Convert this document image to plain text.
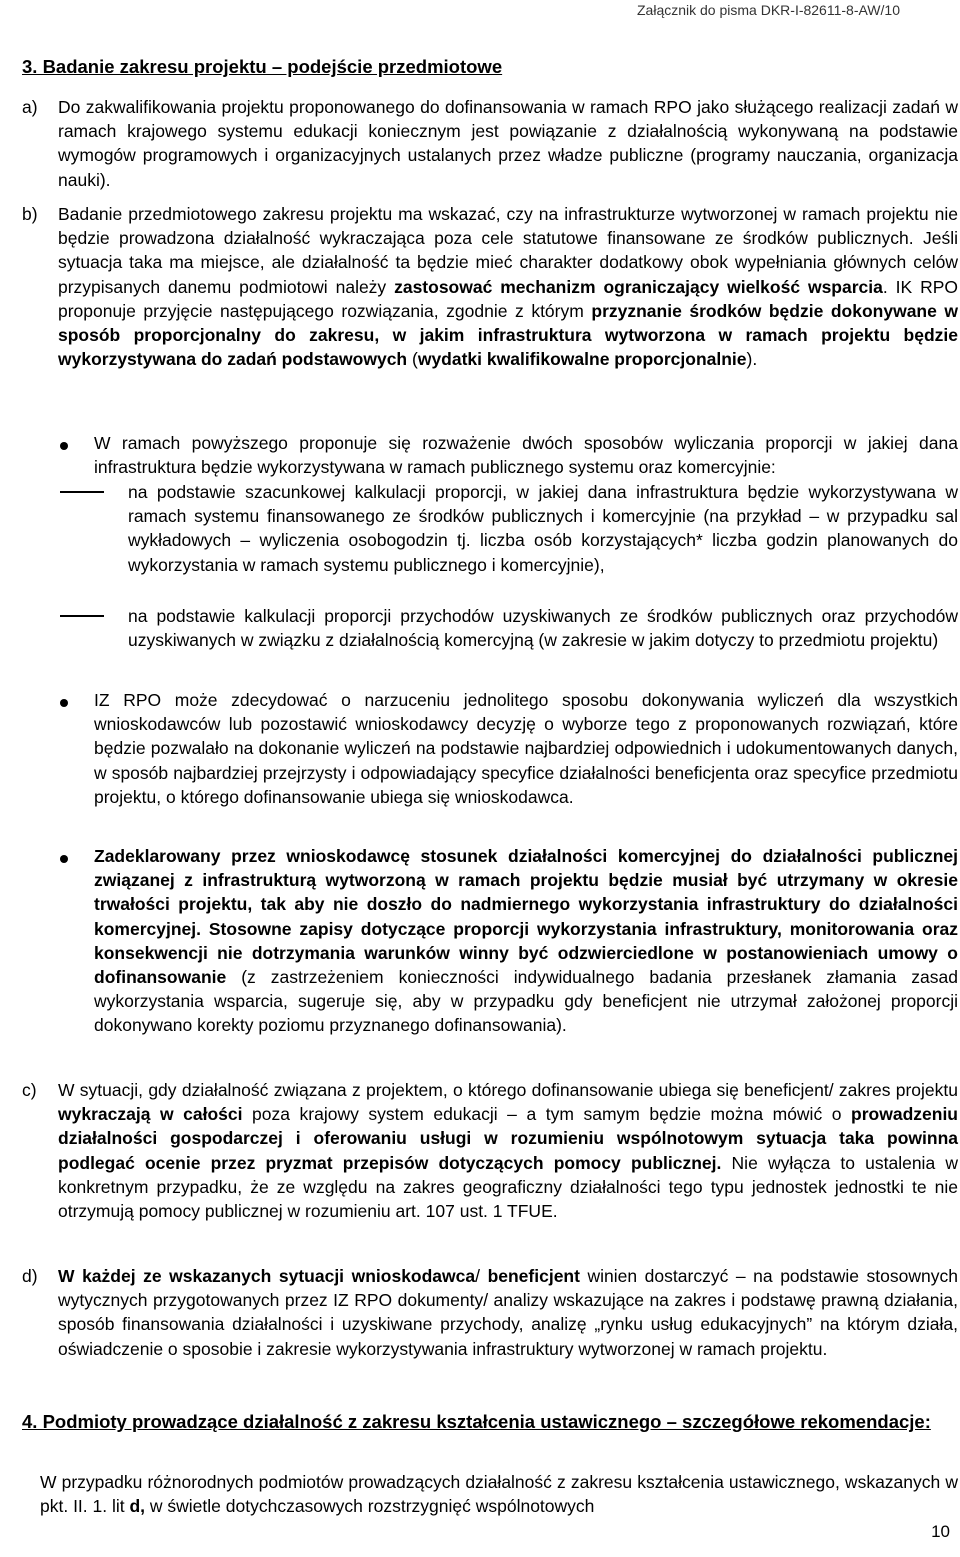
Załącznik do pisma DKR-I-82611-8-AW/10
3. Badanie zakresu projektu – podejście przedmiotowe
a) Do zakwalifikowania projektu proponowanego do dofinansowania w ramach RPO jako służącego realizacji zadań w ramach krajowego systemu edukacji koniecznym jest powiązanie z działalnością wykonywaną na podstawie wymogów programowych i organizacyjnych ustalanych przez władze publiczne (programy nauczania, organizacja nauki).
b) Badanie przedmiotowego zakresu projektu ma wskazać, czy na infrastrukturze wytworzonej w ramach projektu nie będzie prowadzona działalność wykraczająca poza cele statutowe finansowane ze środków publicznych. Jeśli sytuacja taka ma miejsce, ale działalność ta będzie mieć charakter dodatkowy obok wypełniania głównych celów przypisanych danemu podmiotowi należy zastosować mechanizm ograniczający wielkość wsparcia. IK RPO proponuje przyjęcie następującego rozwiązania, zgodnie z którym przyznanie środków będzie dokonywane w sposób proporcjonalny do zakresu, w jakim infrastruktura wytworzona w ramach projektu będzie wykorzystywana do zadań podstawowych (wydatki kwalifikowalne proporcjonalnie).
W ramach powyższego proponuje się rozważenie dwóch sposobów wyliczania proporcji w jakiej dana infrastruktura będzie wykorzystywana w ramach publicznego systemu oraz komercyjnie:
na podstawie szacunkowej kalkulacji proporcji, w jakiej dana infrastruktura będzie wykorzystywana w ramach systemu finansowanego ze środków publicznych i komercyjnie (na przykład – w przypadku sal wykładowych – wyliczenia osobogodzin tj. liczba osób korzystających* liczba godzin planowanych do wykorzystania w ramach systemu publicznego i komercyjnie),
na podstawie kalkulacji proporcji przychodów uzyskiwanych ze środków publicznych oraz przychodów uzyskiwanych w związku z działalnością komercyjną (w zakresie w jakim dotyczy to przedmiotu projektu)
IZ RPO może zdecydować o narzuceniu jednolitego sposobu dokonywania wyliczeń dla wszystkich wnioskodawców lub pozostawić wnioskodawcy decyzję o wyborze tego z proponowanych rozwiązań, które będzie pozwalało na dokonanie wyliczeń na podstawie najbardziej odpowiednich i udokumentowanych danych, w sposób najbardziej przejrzysty i odpowiadający specyfice działalności beneficjenta oraz specyfice przedmiotu projektu, o którego dofinansowanie ubiega się wnioskodawca.
Zadeklarowany przez wnioskodawcę stosunek działalności komercyjnej do działalności publicznej związanej z infrastrukturą wytworzoną w ramach projektu będzie musiał być utrzymany w okresie trwałości projektu, tak aby nie doszło do nadmiernego wykorzystania infrastruktury do działalności komercyjnej. Stosowne zapisy dotyczące proporcji wykorzystania infrastruktury, monitorowania oraz konsekwencji nie dotrzymania warunków winny być odzwierciedlone w postanowieniach umowy o dofinansowanie (z zastrzeżeniem konieczności indywidualnego badania przesłanek złamania zasad wykorzystania wsparcia, sugeruje się, aby w przypadku gdy beneficjent nie utrzymał założonej proporcji dokonywano korekty poziomu przyznanego dofinansowania).
c) W sytuacji, gdy działalność związana z projektem, o którego dofinansowanie ubiega się beneficjent/ zakres projektu wykraczają w całości poza krajowy system edukacji – a tym samym będzie można mówić o prowadzeniu działalności gospodarczej i oferowaniu usługi w rozumieniu wspólnotowym sytuacja taka powinna podlegać ocenie przez pryzmat przepisów dotyczących pomocy publicznej. Nie wyłącza to ustalenia w konkretnym przypadku, że ze względu na zakres geograficzny działalności tego typu jednostek jednostki te nie otrzymują pomocy publicznej w rozumieniu art. 107 ust. 1 TFUE.
d) W każdej ze wskazanych sytuacji wnioskodawca/ beneficjent winien dostarczyć – na podstawie stosownych wytycznych przygotowanych przez IZ RPO dokumenty/ analizy wskazujące na zakres i podstawę prawną działania, sposób finansowania działalności i uzyskiwane przychody, analizę „rynku usług edukacyjnych” na którym działa, oświadczenie o sposobie i zakresie wykorzystywania infrastruktury wytworzonej w ramach projektu.
4. Podmioty prowadzące działalność z zakresu kształcenia ustawicznego – szczegółowe rekomendacje:
W przypadku różnorodnych podmiotów prowadzących działalność z zakresu kształcenia ustawicznego, wskazanych w pkt. II. 1. lit d, w świetle dotychczasowych rozstrzygnięć wspólnotowych
10
